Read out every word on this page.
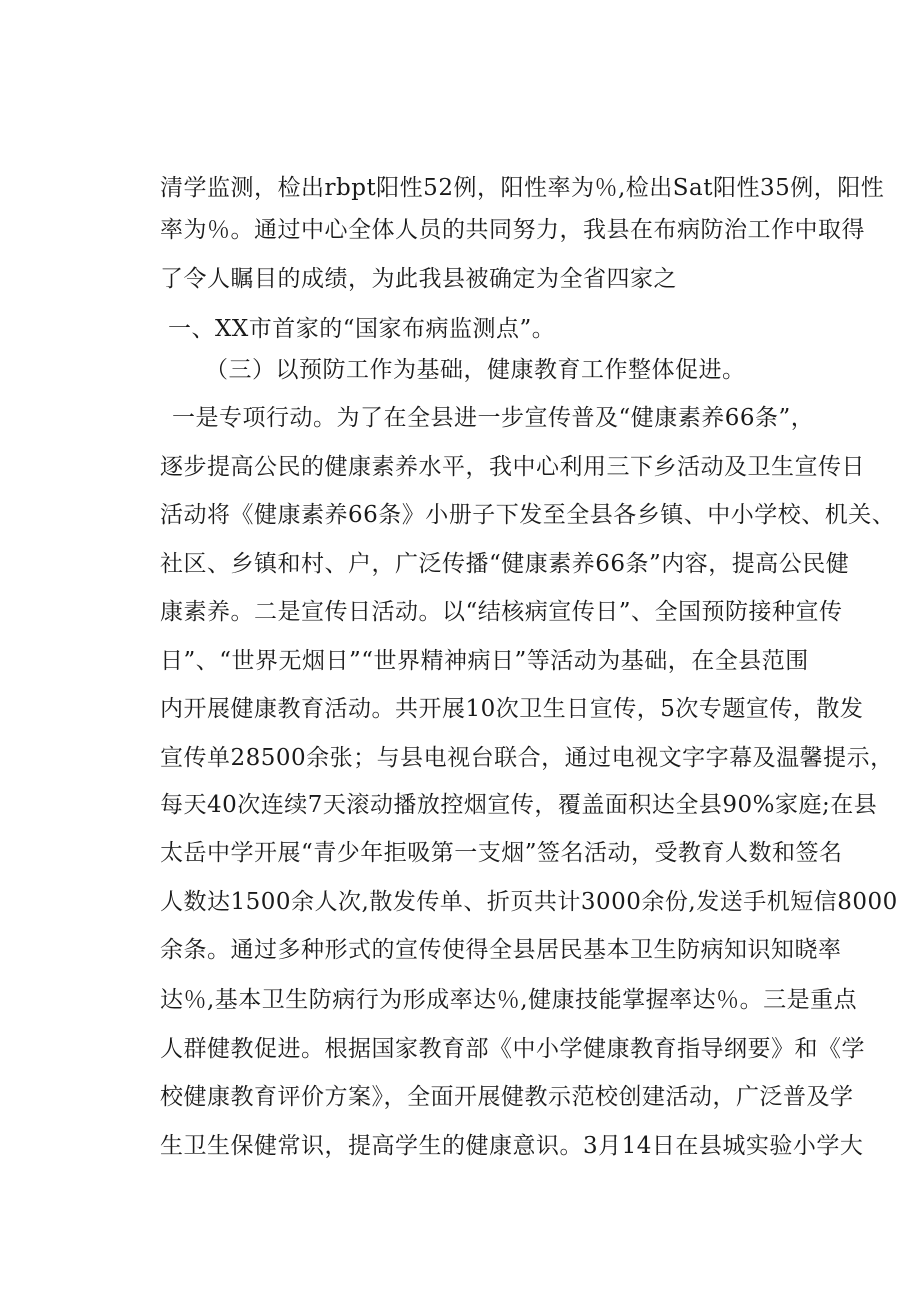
清学监测，检出rbpt阳性52例，阳性率为％,检出Sat阳性35例，阳性
率为％。通过中心全体人员的共同努力，我县在布病防治工作中取得
了令人瞩目的成绩，为此我县被确定为全省四家之
一、XX市首家的“国家布病监测点”。
（三）以预防工作为基础，健康教育工作整体促进。
一是专项行动。为了在全县进一步宣传普及“健康素养66条”，
逐步提高公民的健康素养水平，我中心利用三下乡活动及卫生宣传日
活动将《健康素养66条》小册子下发至全县各乡镇、中小学校、机关、
社区、乡镇和村、户，广泛传播“健康素养66条”内容，提高公民健
康素养。二是宣传日活动。以“结核病宣传日”、全国预防接种宣传
日”、“世界无烟日”“世界精神病日”等活动为基础，在全县范围
内开展健康教育活动。共开展10次卫生日宣传，5次专题宣传，散发
宣传单28500余张；与县电视台联合，通过电视文字字幕及温馨提示，
每天40次连续7天滚动播放控烟宣传，覆盖面积达全县90%家庭;在县
太岳中学开展“青少年拒吸第一支烟”签名活动，受教育人数和签名
人数达1500余人次,散发传单、折页共计3000余份,发送手机短信8000
余条。通过多种形式的宣传使得全县居民基本卫生防病知识知晓率
达％,基本卫生防病行为形成率达％,健康技能掌握率达％。三是重点
人群健教促进。根据国家教育部《中小学健康教育指导纲要》和《学
校健康教育评价方案》，全面开展健教示范校创建活动，广泛普及学
生卫生保健常识，提高学生的健康意识。3月14日在县城实验小学大
